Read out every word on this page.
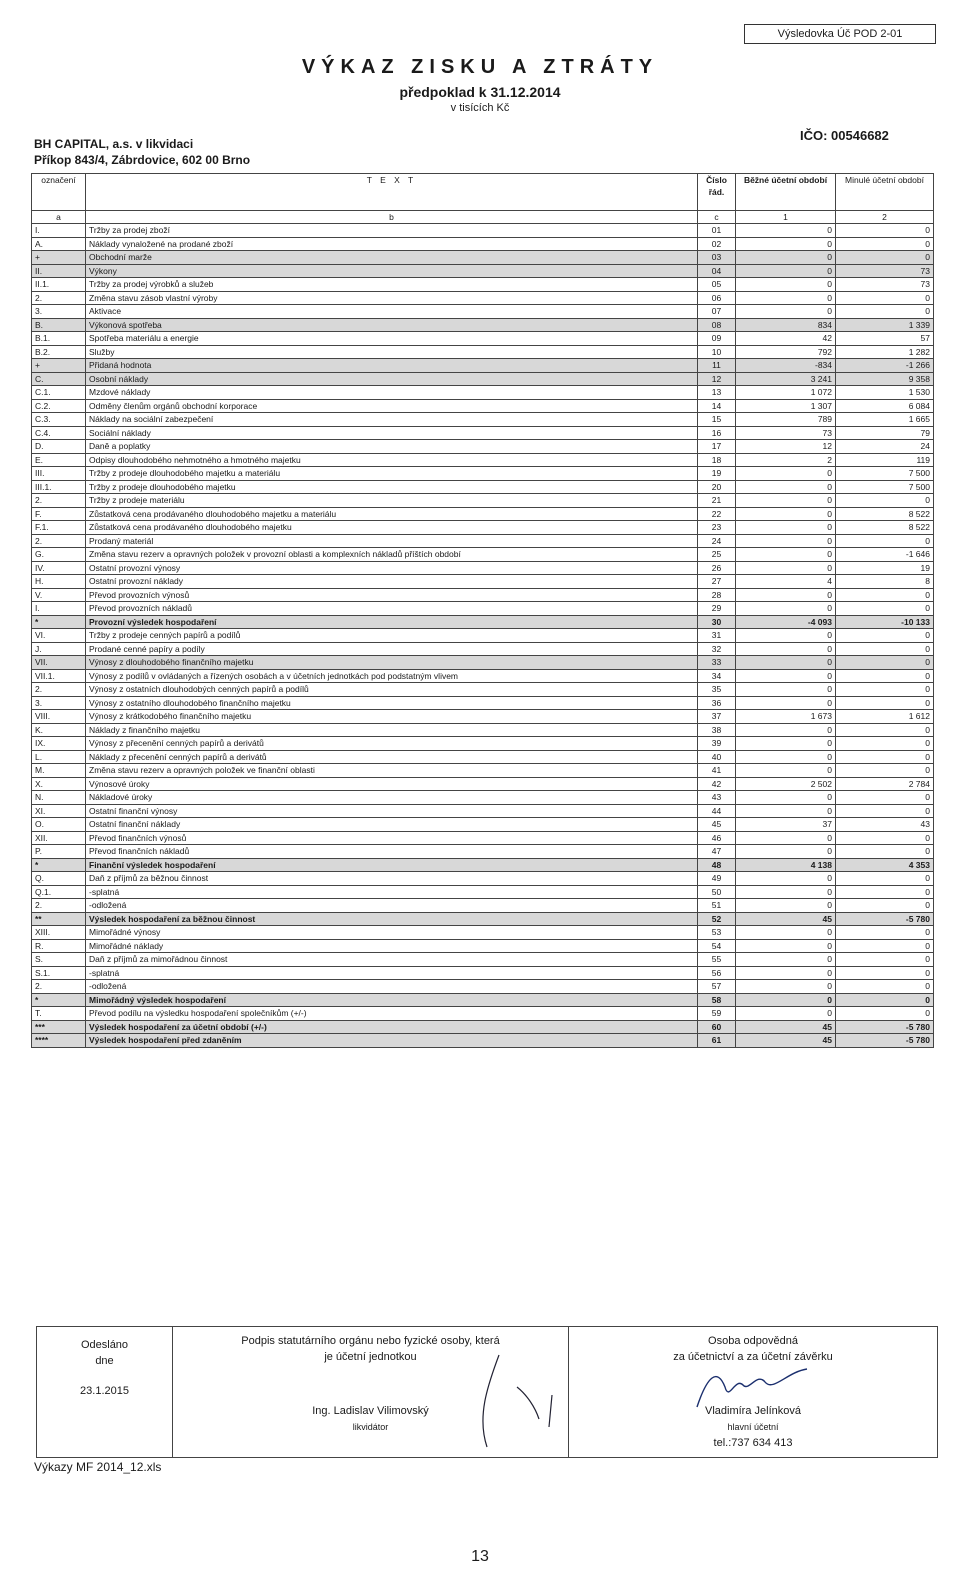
Výsledovka Úč POD 2-01
VÝKAZ ZISKU A ZTRÁTY
předpoklad k 31.12.2014
v tisících Kč
BH CAPITAL, a.s. v likvidaci
Příkop 843/4, Zábrdovice, 602 00 Brno
IČO: 00546682
označení	T E X T	Číslo řád.	Běžné účetní období	Minulé účetní období
a	b	c	1	2
I.	Tržby za prodej zboží	01	0	0
A.	Náklady vynaložené na prodané zboží	02	0	0
+	Obchodní marže	03	0	0
II.	Výkony	04	0	73
II.1.	Tržby za prodej výrobků a služeb	05	0	73
2.	Změna stavu zásob vlastní výroby	06	0	0
3.	Aktivace	07	0	0
B.	Výkonová spotřeba	08	834	1 339
B.1.	Spotřeba materiálu a energie	09	42	57
B.2.	Služby	10	792	1 282
+	Přidaná hodnota	11	-834	-1 266
C.	Osobní náklady	12	3 241	9 358
C.1.	Mzdové náklady	13	1 072	1 530
C.2.	Odměny členům orgánů obchodní korporace	14	1 307	6 084
C.3.	Náklady na sociální zabezpečení	15	789	1 665
C.4.	Sociální náklady	16	73	79
D.	Daně a poplatky	17	12	24
E.	Odpisy dlouhodobého nehmotného a hmotného majetku	18	2	119
III.	Tržby z prodeje dlouhodobého majetku a materiálu	19	0	7 500
III.1.	Tržby z prodeje dlouhodobého majetku	20	0	7 500
2.	Tržby z prodeje materiálu	21	0	0
F.	Zůstatková cena prodávaného dlouhodobého majetku a materiálu	22	0	8 522
F.1.	Zůstatková cena prodávaného dlouhodobého majetku	23	0	8 522
2.	Prodaný materiál	24	0	0
G.	Změna stavu rezerv a opravných položek v provozní oblasti a komplexních nákladů příštích období	25	0	-1 646
IV.	Ostatní provozní výnosy	26	0	19
H.	Ostatní provozní náklady	27	4	8
V.	Převod provozních výnosů	28	0	0
I.	Převod provozních nákladů	29	0	0
*	Provozní výsledek hospodaření	30	-4 093	-10 133
VI.	Tržby z prodeje cenných papírů a podílů	31	0	0
J.	Prodané cenné papíry a podíly	32	0	0
VII.	Výnosy z dlouhodobého finančního majetku	33	0	0
VII.1.	Výnosy z podílů v ovládaných a řízených osobách a v účetních jednotkách pod podstatným vlivem	34	0	0
2.	Výnosy z ostatních dlouhodobých cenných papírů a podílů	35	0	0
3.	Výnosy z ostatního dlouhodobého finančního majetku	36	0	0
VIII.	Výnosy z krátkodobého finančního majetku	37	1 673	1 612
K.	Náklady z finančního majetku	38	0	0
IX.	Výnosy z přecenění cenných papírů a derivátů	39	0	0
L.	Náklady z přecenění cenných papírů a derivátů	40	0	0
M.	Změna stavu rezerv a opravných položek ve finanční oblasti	41	0	0
X.	Výnosové úroky	42	2 502	2 784
N.	Nákladové úroky	43	0	0
XI.	Ostatní finanční výnosy	44	0	0
O.	Ostatní finanční náklady	45	37	43
XII.	Převod finančních výnosů	46	0	0
P.	Převod finančních nákladů	47	0	0
*	Finanční výsledek hospodaření	48	4 138	4 353
Q.	Daň z příjmů za běžnou činnost	49	0	0
Q.1.	-splatná	50	0	0
2.	-odložená	51	0	0
**	Výsledek hospodaření za běžnou činnost	52	45	-5 780
XIII.	Mimořádné výnosy	53	0	0
R.	Mimořádné náklady	54	0	0
S.	Daň z příjmů za mimořádnou činnost	55	0	0
S.1.	-splatná	56	0	0
2.	-odložená	57	0	0
*	Mimořádný výsledek hospodaření	58	0	0
T.	Převod podílu na výsledku hospodaření společníkům (+/-)	59	0	0
***	Výsledek hospodaření za účetní období (+/-)	60	45	-5 780
****	Výsledek hospodaření před zdaněním	61	45	-5 780
Odesláno
dne
23.1.2015
Podpis statutárního orgánu nebo fyzické osoby, která
je účetní jednotkou
Ing. Ladislav Vilimovský
likvidátor
Osoba odpovědná
za účetnictví a za účetní závěrku
Vladimíra Jelínková
hlavní účetní
tel.:737 634 413
Výkazy MF 2014_12.xls
13
